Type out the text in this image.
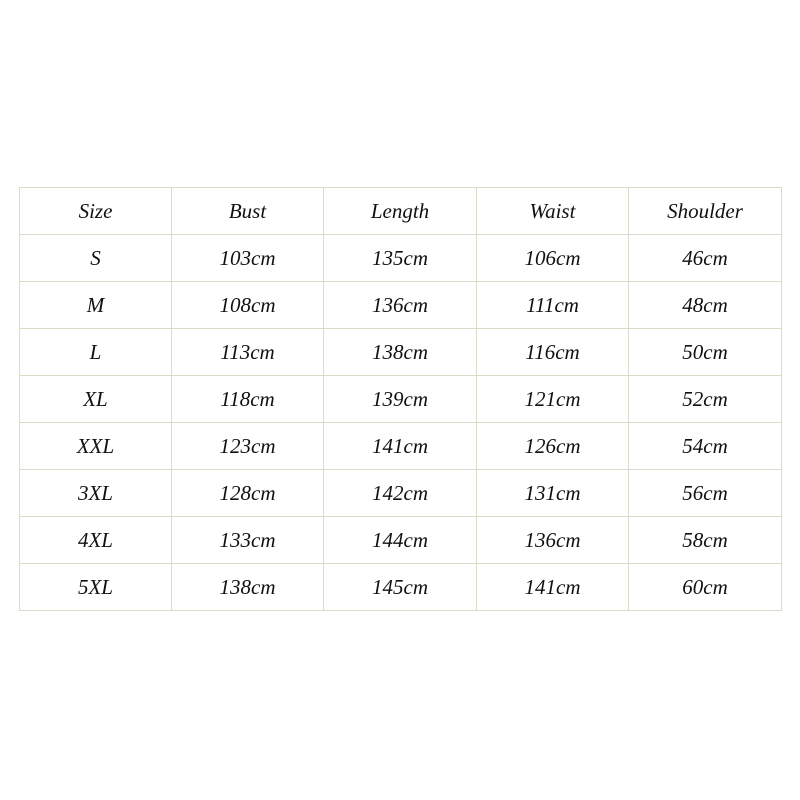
Size	Bust	Length	Waist	Shoulder
S	103cm	135cm	106cm	46cm
M	108cm	136cm	111cm	48cm
L	113cm	138cm	116cm	50cm
XL	118cm	139cm	121cm	52cm
XXL	123cm	141cm	126cm	54cm
3XL	128cm	142cm	131cm	56cm
4XL	133cm	144cm	136cm	58cm
5XL	138cm	145cm	141cm	60cm
